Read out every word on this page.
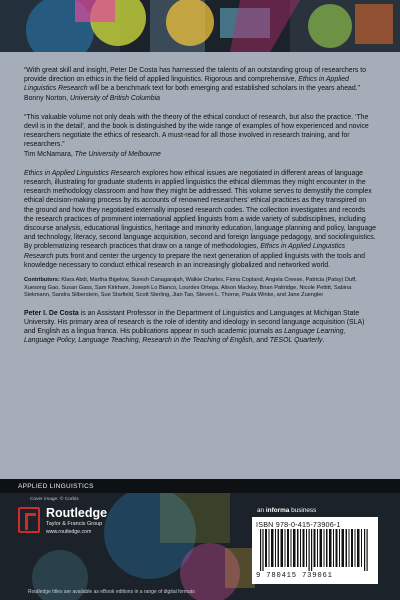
“With great skill and insight, Peter De Costa has harnessed the talents of an outstanding group of researchers to provide direction on ethics in the field of applied linguistics. Rigorous and comprehensive, Ethics in Applied Linguistics Research will be a benchmark text for both emerging and established scholars in the years ahead.”
Bonny Norton, University of British Columbia
“This valuable volume not only deals with the theory of the ethical conduct of research, but also the practice. ‘The devil is in the detail’, and the book is distinguished by the wide range of examples of how experienced and novice researchers negotiate the ethics of research. A must-read for all those involved in research training, and for researchers.”
Tim McNamara, The University of Melbourne
Ethics in Applied Linguistics Research explores how ethical issues are negotiated in different areas of language research, illustrating for graduate students in applied linguistics the ethical dilemmas they might encounter in the research methodology classroom and how they might be addressed. This volume serves to demystify the complex ethical decision-making process by its accounts of renowned researchers’ ethical practices as they transpired on the ground and how they negotiated externally imposed research codes. The collection investigates and records the research practices of prominent international applied linguists from a wide variety of subdisciplines, including discourse analysis, educational linguistics, heritage and minority education, language planning and policy, language and technology, literacy, second language acquisition, second and foreign language pedagogy, and sociolinguistics. By problematizing research practices that draw on a range of methodologies, Ethics in Applied Linguistics Research puts front and center the urgency to prepare the next generation of applied linguists with the tools and knowledge necessary to conduct ethical research in an increasingly globalized and networked world.
Contributors: Klara Abdi, Martha Bigelow, Suresh Canagarajah, Walkie Charles, Fiona Copland, Angela Creese, Patricia (Patsy) Duff, Xuesong Gao, Susan Gass, Sam Kirkham, Joseph Lo Bianco, Lourdes Ortega, Alison Mackey, Brian Paltridge, Nicole Pettitt, Sabina Siekmann, Sandra Silberstein, Sue Starfield, Scott Sterling, Jian Tao, Steven L. Thorne, Paula Winke, and Jane Zuengler
Peter I. De Costa is an Assistant Professor in the Department of Linguistics and Languages at Michigan State University. His primary area of research is the role of identity and ideology in second language acquisition (SLA) and English as a lingua franca. His publications appear in such academic journals as Language Learning, Language Policy, Language Teaching, Research in the Teaching of English, and TESOL Quarterly.
APPLIED LINGUISTICS
Cover image: © Corbis
Routledge
Taylor & Francis Group
www.routledge.com
an informa business
ISBN 978-0-415-73906-1
9 780415 739061
Routledge titles are available as eBook editions in a range of digital formats
